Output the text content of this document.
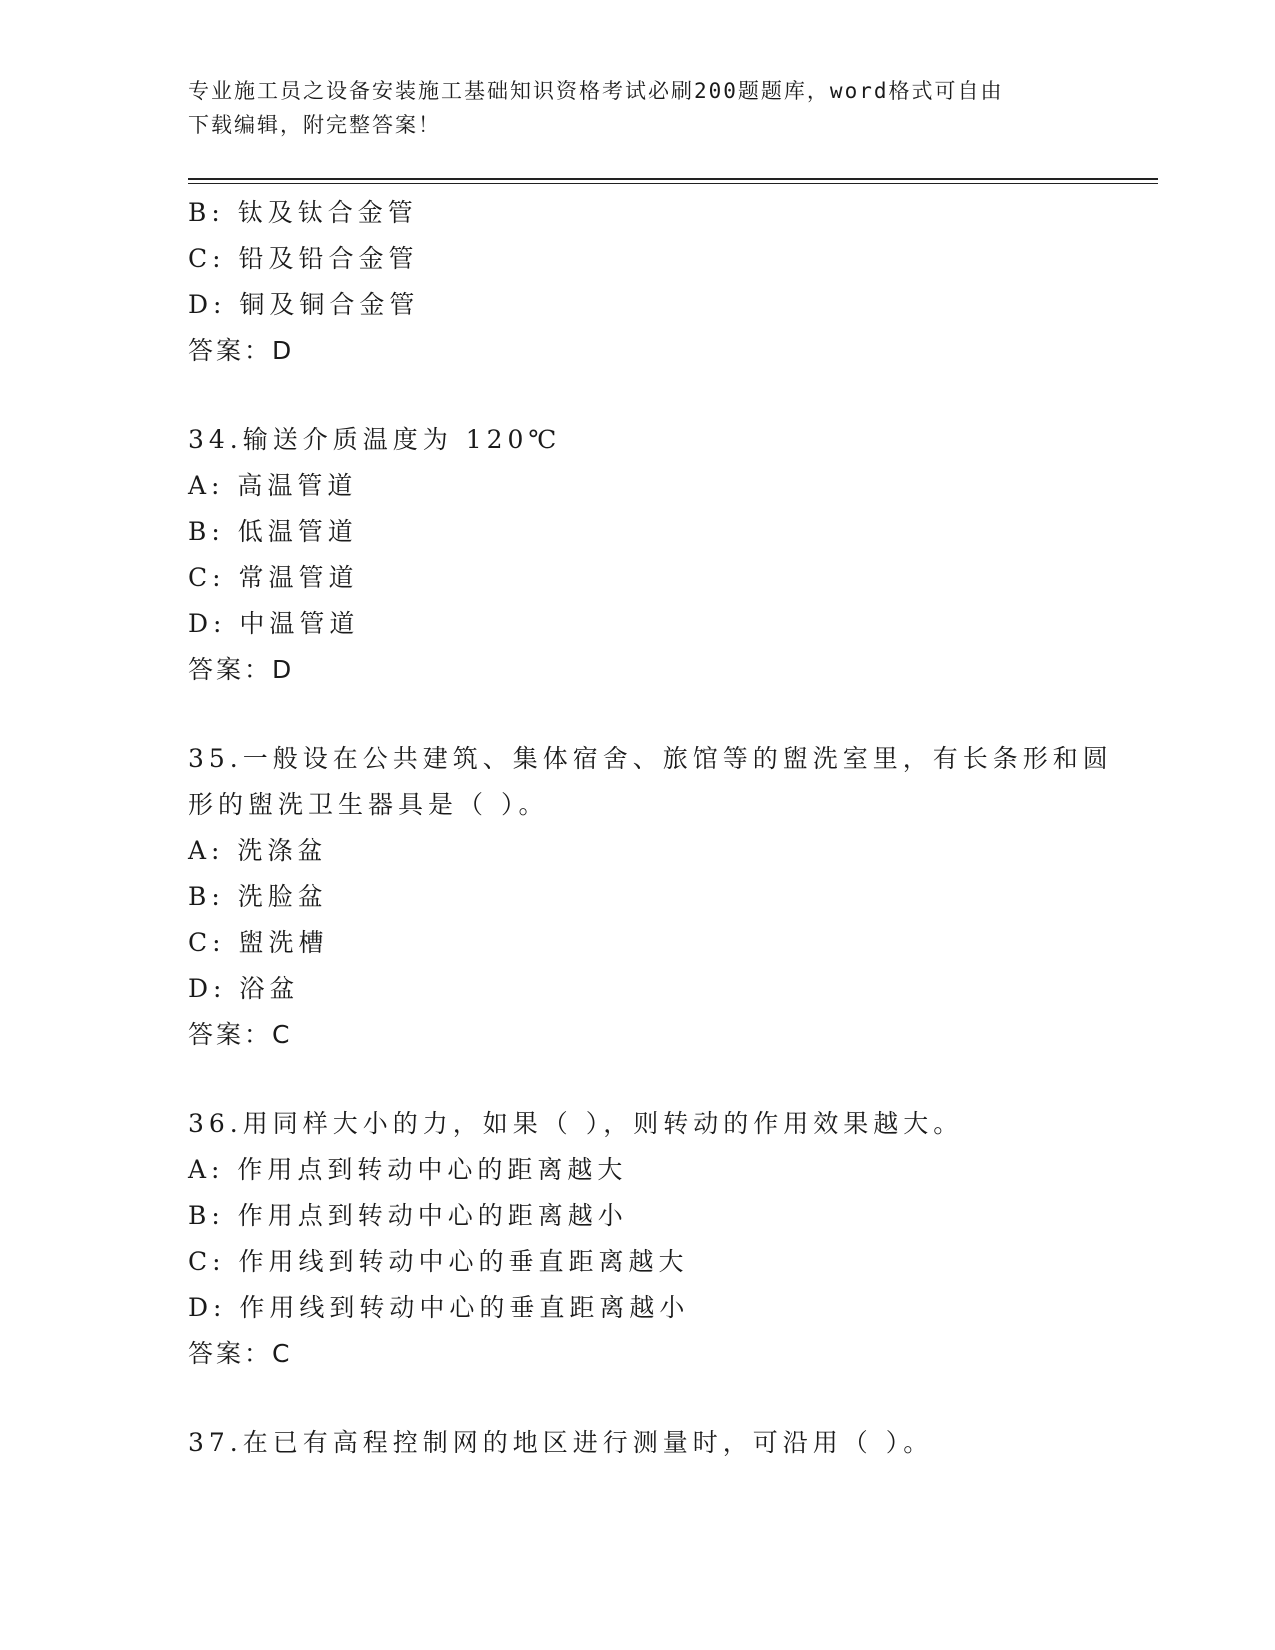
专业施工员之设备安装施工基础知识资格考试必刷200题题库，word格式可自由
下载编辑，附完整答案！
B: 钛及钛合金管
C: 铅及铅合金管
D: 铜及铜合金管
答案：D
34.输送介质温度为 120℃
A: 高温管道
B: 低温管道
C: 常温管道
D: 中温管道
答案：D
35.一般设在公共建筑、集体宿舍、旅馆等的盥洗室里，有长条形和圆
形的盥洗卫生器具是（ ）。
A: 洗涤盆
B: 洗脸盆
C: 盥洗槽
D: 浴盆
答案：C
36.用同样大小的力，如果（ ），则转动的作用效果越大。
A: 作用点到转动中心的距离越大
B: 作用点到转动中心的距离越小
C: 作用线到转动中心的垂直距离越大
D: 作用线到转动中心的垂直距离越小
答案：C
37.在已有高程控制网的地区进行测量时，可沿用（ ）。
